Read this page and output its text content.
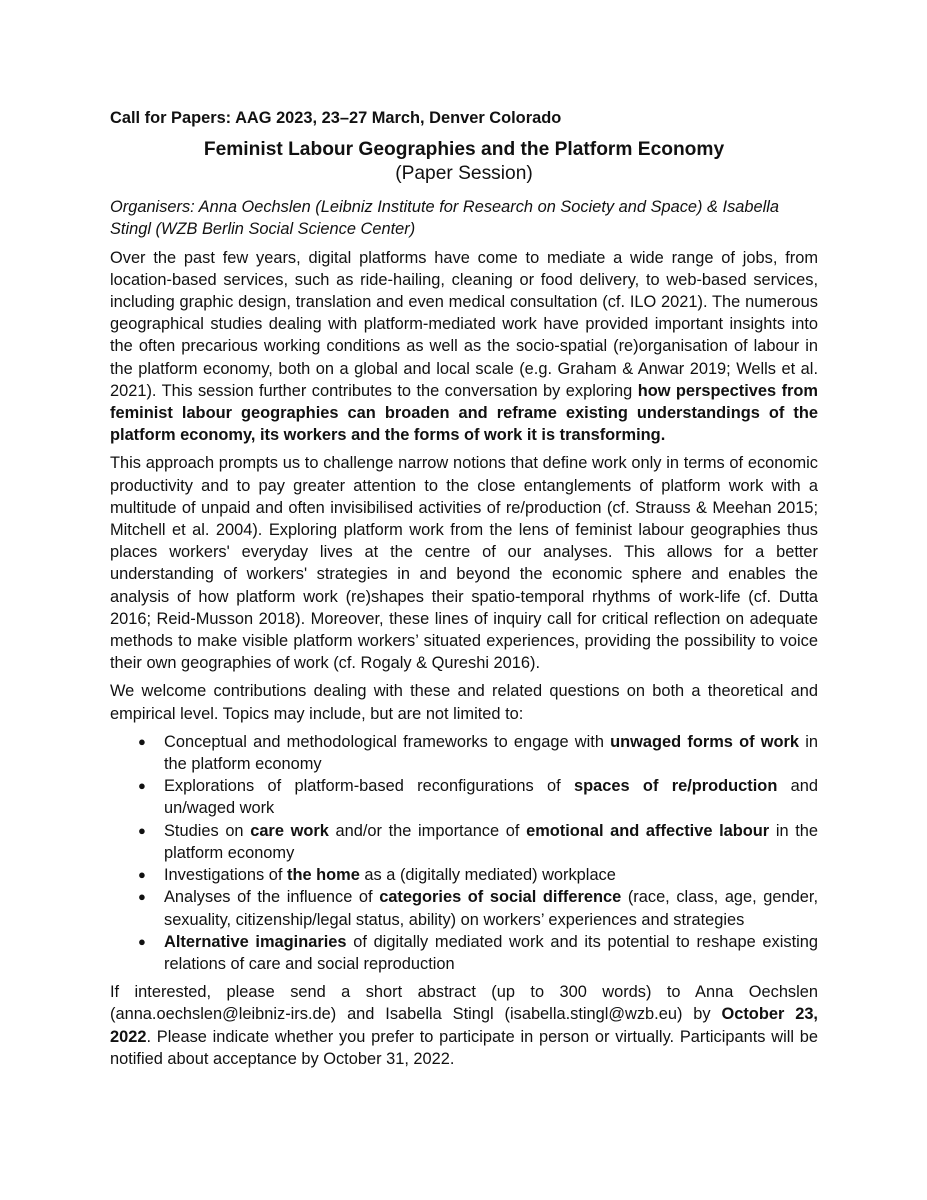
Call for Papers: AAG 2023, 23–27 March, Denver Colorado

Feminist Labour Geographies and the Platform Economy

(Paper Session)

Organisers: Anna Oechslen (Leibniz Institute for Research on Society and Space) & Isabella Stingl (WZB Berlin Social Science Center)

Over the past few years, digital platforms have come to mediate a wide range of jobs, from location-based services, such as ride-hailing, cleaning or food delivery, to web-based services, including graphic design, translation and even medical consultation (cf. ILO 2021). The numerous geographical studies dealing with platform-mediated work have provided important insights into the often precarious working conditions as well as the socio-spatial (re)organisation of labour in the platform economy, both on a global and local scale (e.g. Graham & Anwar 2019; Wells et al. 2021). This session further contributes to the conversation by exploring how perspectives from feminist labour geographies can broaden and reframe existing understandings of the platform economy, its workers and the forms of work it is transforming.

This approach prompts us to challenge narrow notions that define work only in terms of economic productivity and to pay greater attention to the close entanglements of platform work with a multitude of unpaid and often invisibilised activities of re/production (cf. Strauss & Meehan 2015; Mitchell et al. 2004). Exploring platform work from the lens of feminist labour geographies thus places workers' everyday lives at the centre of our analyses. This allows for a better understanding of workers' strategies in and beyond the economic sphere and enables the analysis of how platform work (re)shapes their spatio-temporal rhythms of work-life (cf. Dutta 2016; Reid-Musson 2018). Moreover, these lines of inquiry call for critical reflection on adequate methods to make visible platform workers’ situated experiences, providing the possibility to voice their own geographies of work (cf. Rogaly & Qureshi 2016).

We welcome contributions dealing with these and related questions on both a theoretical and empirical level. Topics may include, but are not limited to:

● Conceptual and methodological frameworks to engage with unwaged forms of work in the platform economy
● Explorations of platform-based reconfigurations of spaces of re/production and un/waged work
● Studies on care work and/or the importance of emotional and affective labour in the platform economy
● Investigations of the home as a (digitally mediated) workplace
● Analyses of the influence of categories of social difference (race, class, age, gender, sexuality, citizenship/legal status, ability) on workers’ experiences and strategies
● Alternative imaginaries of digitally mediated work and its potential to reshape existing relations of care and social reproduction

If interested, please send a short abstract (up to 300 words) to Anna Oechslen (anna.oechslen@leibniz-irs.de) and Isabella Stingl (isabella.stingl@wzb.eu) by October 23, 2022. Please indicate whether you prefer to participate in person or virtually. Participants will be notified about acceptance by October 31, 2022.
